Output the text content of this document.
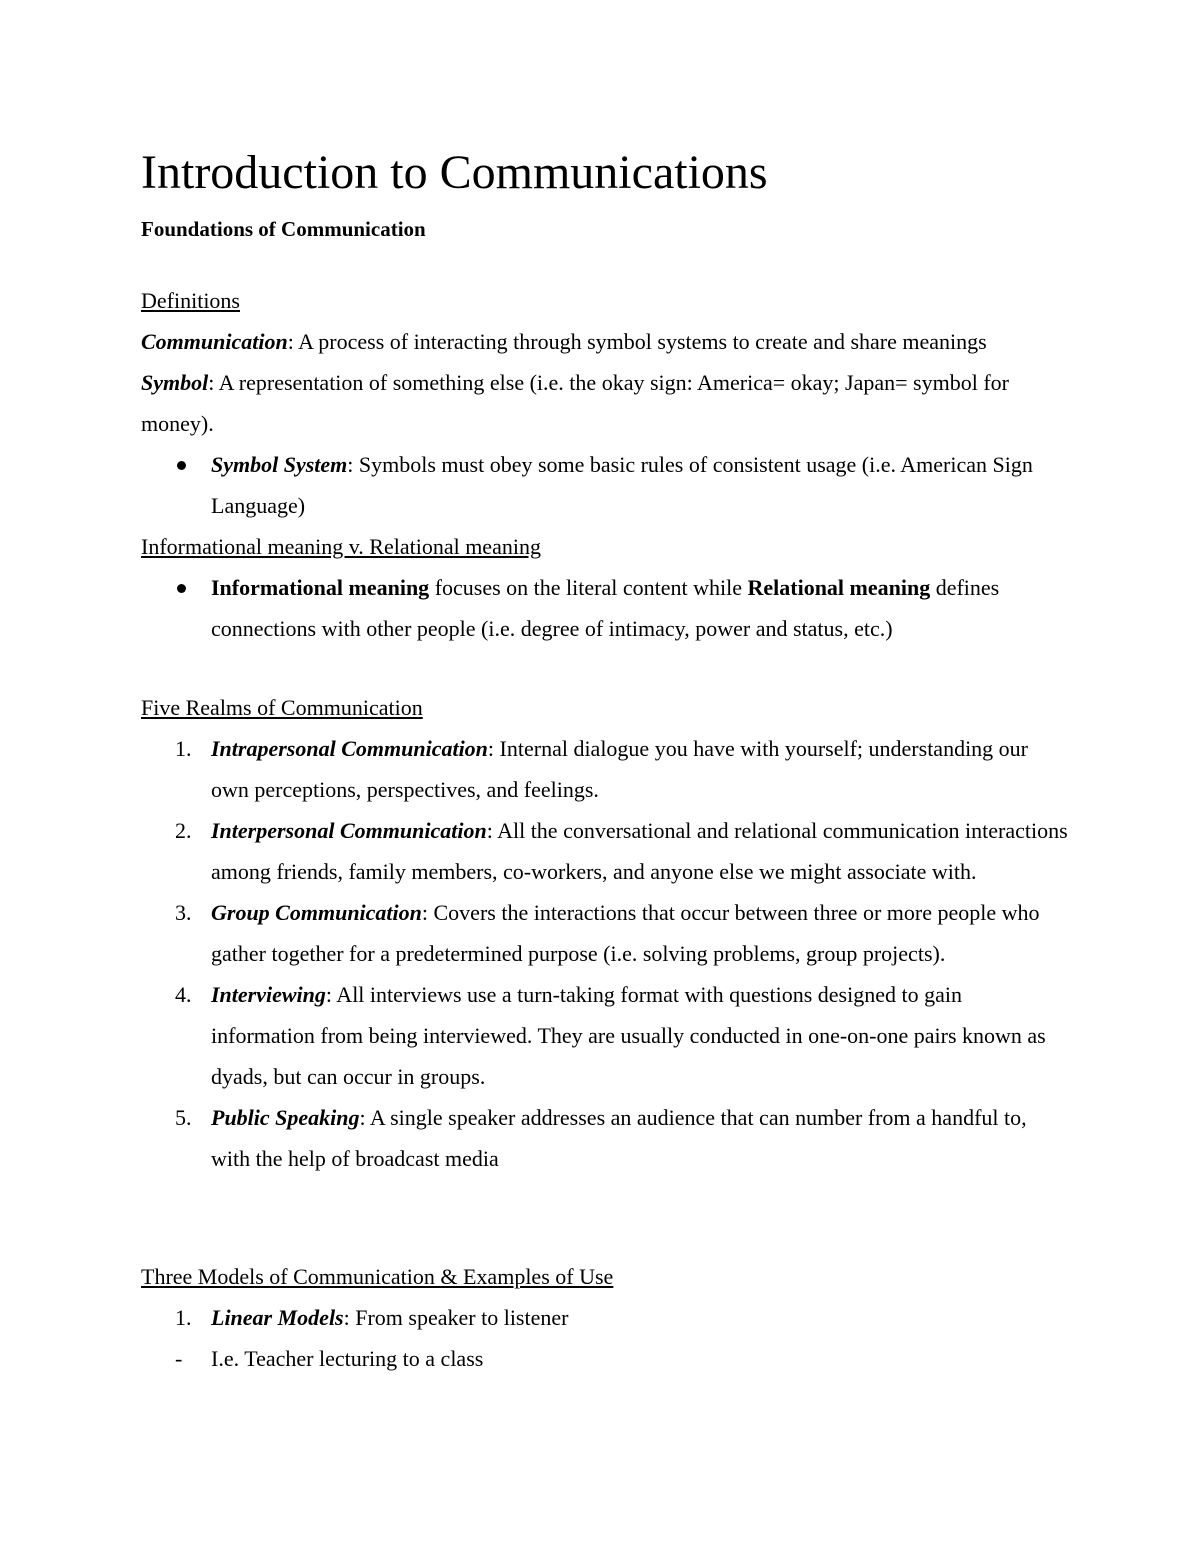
Introduction to Communications
Foundations of Communication
Definitions

Communication: A process of interacting through symbol systems to create and share meanings

Symbol: A representation of something else (i.e. the okay sign: America= okay; Japan= symbol for money).

Symbol System: Symbols must obey some basic rules of consistent usage (i.e. American Sign Language)
Informational meaning v. Relational meaning
Informational meaning focuses on the literal content while Relational meaning defines connections with other people (i.e. degree of intimacy, power and status, etc.)
Five Realms of Communication
1. Intrapersonal Communication: Internal dialogue you have with yourself; understanding our own perceptions, perspectives, and feelings.
2. Interpersonal Communication: All the conversational and relational communication interactions among friends, family members, co-workers, and anyone else we might associate with.
3. Group Communication: Covers the interactions that occur between three or more people who gather together for a predetermined purpose (i.e. solving problems, group projects).
4. Interviewing: All interviews use a turn-taking format with questions designed to gain information from being interviewed. They are usually conducted in one-on-one pairs known as dyads, but can occur in groups.
5. Public Speaking: A single speaker addresses an audience that can number from a handful to, with the help of broadcast media
Three Models of Communication & Examples of Use
1. Linear Models: From speaker to listener
- I.e. Teacher lecturing to a class
